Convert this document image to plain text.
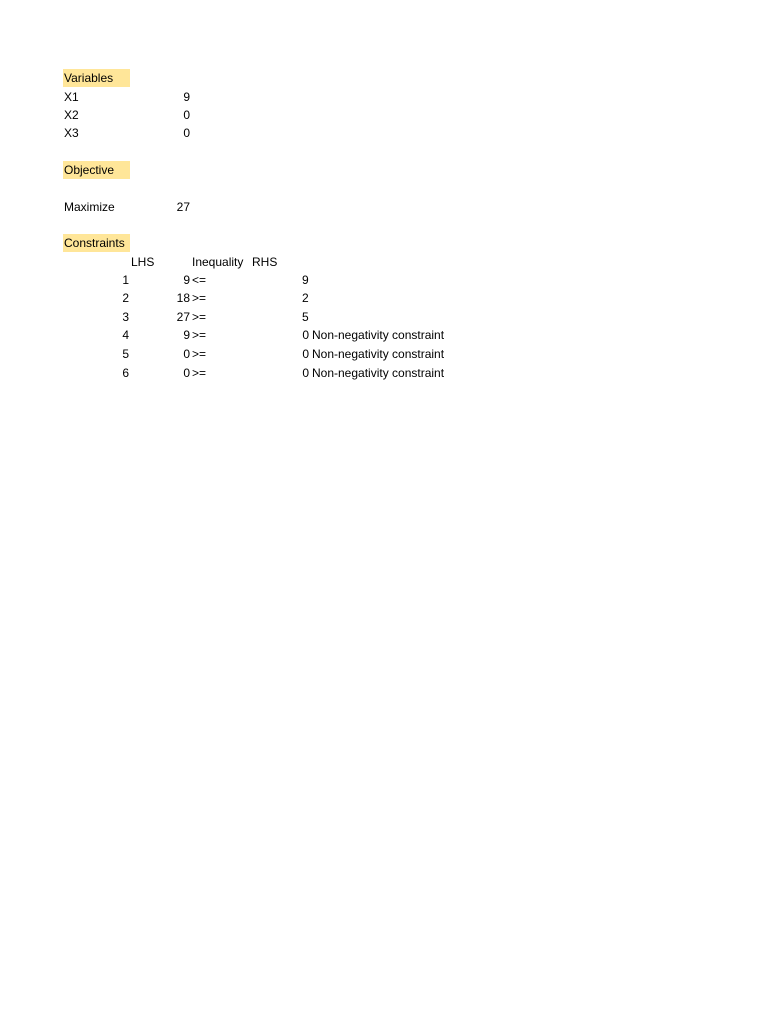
Variables
X1	9
X2	0
X3	0
Objective
Maximize	27
Constraints
LHS	Inequality RHS
1	9 <=	9
2	18 >=	2
3	27 >=	5
4	9 >=	0 Non-negativity constraint
5	0 >=	0 Non-negativity constraint
6	0 >=	0 Non-negativity constraint
